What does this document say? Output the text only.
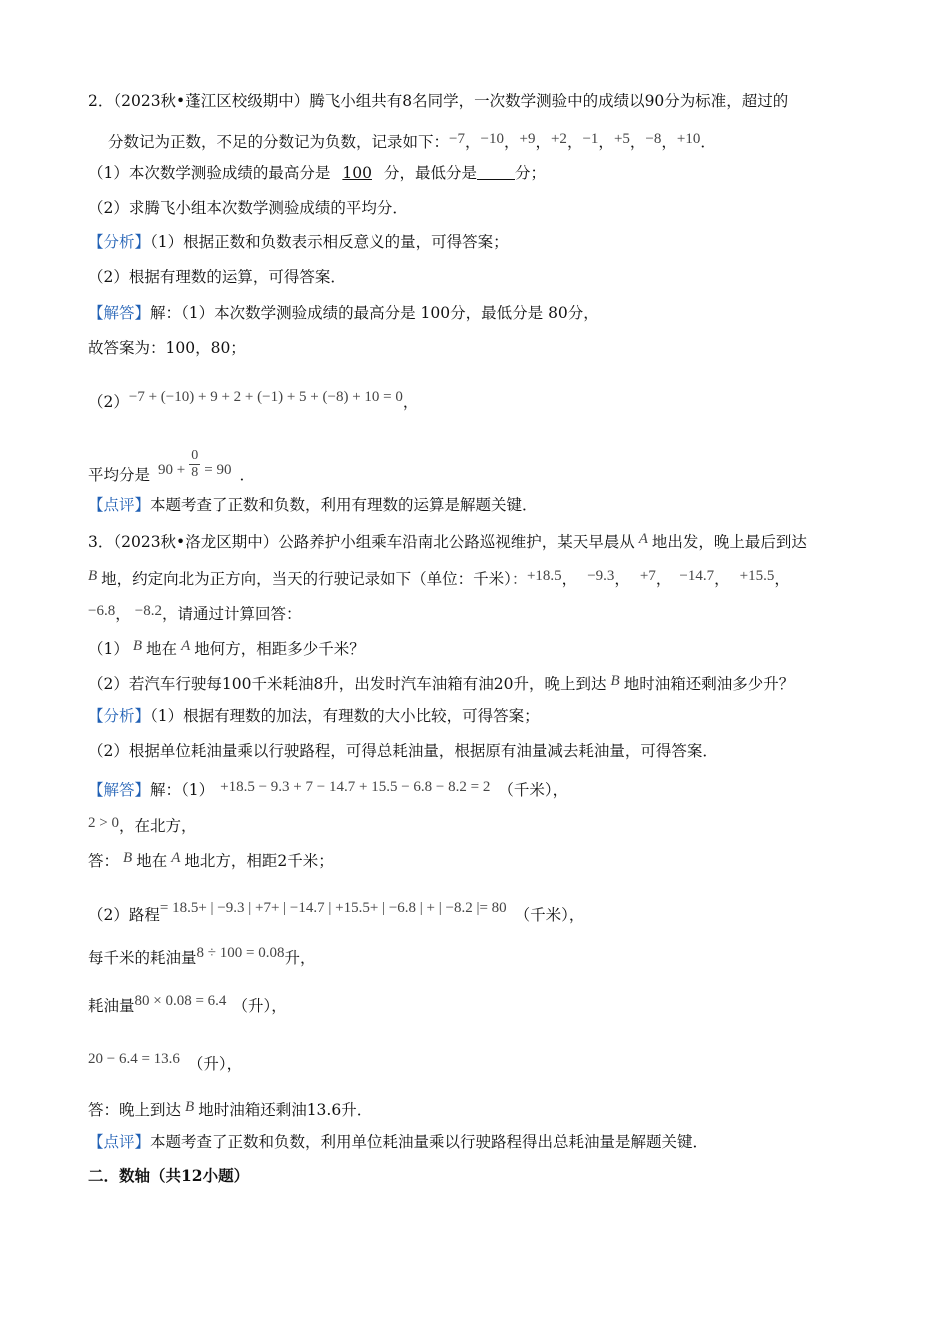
2．（2023秋•蓬江区校级期中）腾飞小组共有8名同学，一次数学测验中的成绩以90分为标准，超过的
分数记为正数，不足的分数记为负数，记录如下：−7，−10，+9，+2，−1，+5，−8，+10．
（1）本次数学测验成绩的最高分是 100 分，最低分是 分；
（2）求腾飞小组本次数学测验成绩的平均分．
【分析】（1）根据正数和负数表示相反意义的量，可得答案；
（2）根据有理数的运算，可得答案．
【解答】解：（1）本次数学测验成绩的最高分是 100分，最低分是 80分，
故答案为：100，80；
（2）−7 + (−10) + 9 + 2 + (−1) + 5 + (−8) + 10 = 0，
平均分是 $90 + \frac{0}{8} = 90$ ．
【点评】本题考查了正数和负数，利用有理数的运算是解题关键．
3．（2023秋•洛龙区期中）公路养护小组乘车沿南北公路巡视维护，某天早晨从 A 地出发，晚上最后到达
B 地，约定向北为正方向，当天的行驶记录如下（单位：千米）：+18.5， −9.3， +7， −14.7， +15.5，
−6.8， −8.2，请通过计算回答：
（1） B 地在 A 地何方，相距多少千米？
（2）若汽车行驶每100千米耗油8升，出发时汽车油箱有油20升，晚上到达 B 地时油箱还剩油多少升？
【分析】（1）根据有理数的加法，有理数的大小比较，可得答案；
（2）根据单位耗油量乘以行驶路程，可得总耗油量，根据原有油量减去耗油量，可得答案．
【解答】解：（1） +18.5 − 9.3 + 7 − 14.7 + 15.5 − 6.8 − 8.2 = 2 （千米），
2 > 0，在北方，
答： B 地在 A 地北方，相距2千米；
（2）路程= 18.5+ | −9.3 | +7+ | −14.7 | +15.5+ | −6.8 | + | −8.2 |= 80 （千米），
每千米的耗油量8 ÷ 100 = 0.08升，
耗油量80 × 0.08 = 6.4 （升），
20 − 6.4 = 13.6 （升），
答：晚上到达 B 地时油箱还剩油13.6升．
【点评】本题考查了正数和负数，利用单位耗油量乘以行驶路程得出总耗油量是解题关键．
二．数轴（共12小题）
